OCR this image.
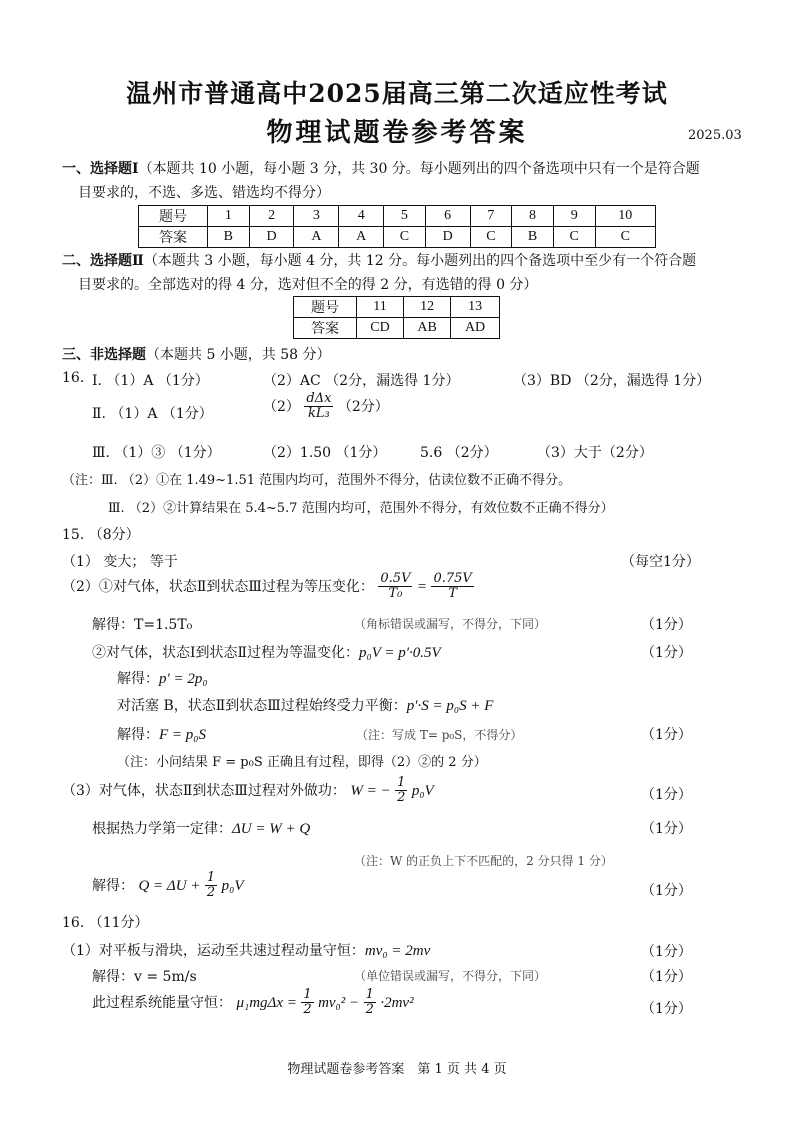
温州市普通高中2025届高三第二次适应性考试
物理试题卷参考答案	2025.03
一、选择题Ⅰ（本题共 10 小题，每小题 3 分，共 30 分。每小题列出的四个备选项中只有一个是符合题
目要求的，不选、多选、错选均不得分）
题号	1	2	3	4	5	6	7	8	9	10
答案	B	D	A	A	C	D	C	B	C	C
二、选择题Ⅱ（本题共 3 小题，每小题 4 分，共 12 分。每小题列出的四个备选项中至少有一个符合题
目要求的。全部选对的得 4 分，选对但不全的得 2 分，有选错的得 0 分）
题号	11	12	13
答案	CD	AB	AD
三、非选择题（本题共 5 小题，共 58 分）
16. Ⅰ. （1）A （1分）	（2）AC （2分，漏选得 1分）	（3）BD （2分，漏选得 1分）
Ⅱ. （1）A （1分）	$(2) \frac{\text{dΔx}}{\text{kL₃}} (2$分）
Ⅲ. （1）③ （1分）	（2）1.50 （1分） 5.6 （2分）	（3）大于（2分）
（注：Ⅲ. （2）①在 1.49~1.51 范围内均可，范围外不得分，估读位数不正确不得分。
Ⅲ. （2）②计算结果在 5.4~5.7 范围内均可，范围外不得分，有效位数不正确不得分）
15. （8分）
（1） 变大； 等于	（每空1分）
（2）①对气体，状态Ⅱ到状态Ⅲ过程为等压变化： $\frac{0.5V}{\text{T₀}} = \frac{0.75V}{T}$
解得：T=1.5T₀	（角标错误或漏写，不得分，下同）	（1分）
②对气体，状态Ⅰ到状态Ⅱ过程为等温变化：p₀V = p′·0.5V	（1分）
解得：p′ = 2p₀
对活塞 B，状态Ⅱ到状态Ⅲ过程始终受力平衡：p′·S = p₀S + F
解得：F = p₀S	（注：写成 T= p₀S，不得分）	（1分）
（注：小问结果 F = p₀S 正确且有过程，即得（2）②的 2 分）
（3）对气体，状态Ⅱ到状态Ⅲ过程对外做功： W = − $\frac{1}{2} p_0V$	（1分）
根据热力学第一定律：ΔU = W + Q	（1分）
（注：W 的正负上下不匹配的，2 分只得 1 分）
解得： $Q = \Delta U + \frac{1}{2} p_0V$	（1分）
16. （11分）
（1）对平板与滑块，运动至共速过程动量守恒：mv₀ = 2mv	（1分）
解得：v = 5m/s	（单位错误或漏写，不得分，下同）	（1分）
此过程系统能量守恒： $\mu_1mg\Delta x = \frac{1}{2} mv_0^2 - \frac{1}{2} \cdot 2mv^2$	（1分）
物理试题卷参考答案　第 1 页 共 4 页
